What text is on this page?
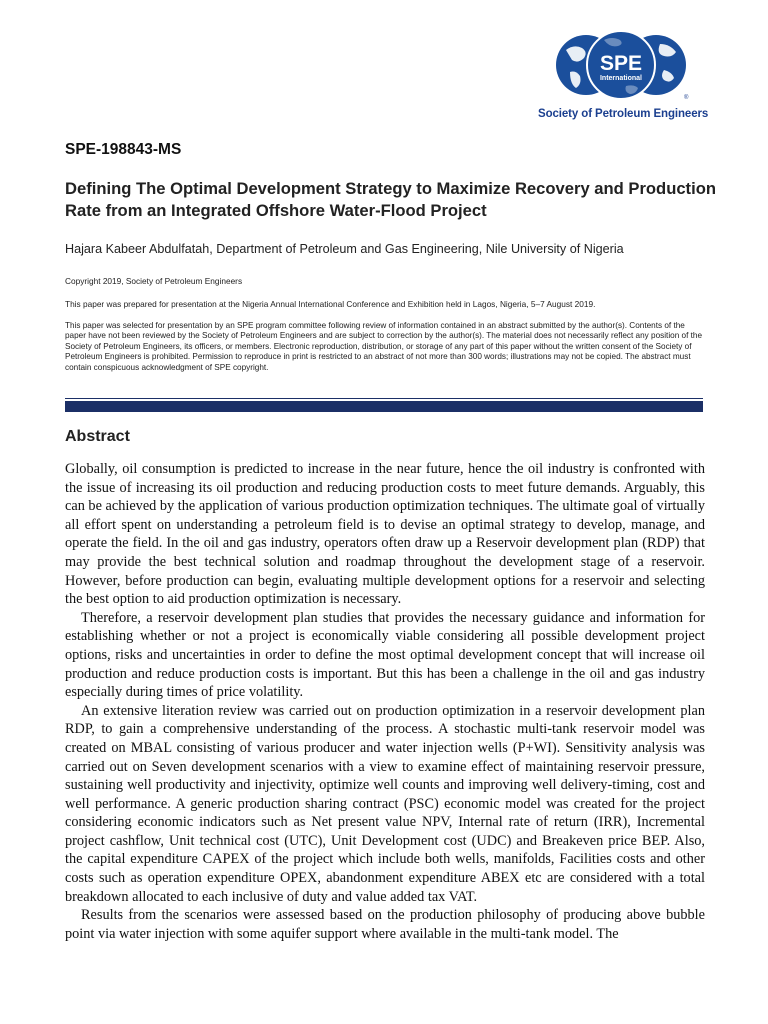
SPE
International
®
Society of Petroleum Engineers
SPE-198843-MS
Defining The Optimal Development Strategy to Maximize Recovery and Production Rate from an Integrated Offshore Water-Flood Project

Hajara Kabeer Abdulfatah, Department of Petroleum and Gas Engineering, Nile University of Nigeria

Copyright 2019, Society of Petroleum Engineers

This paper was prepared for presentation at the Nigeria Annual International Conference and Exhibition held in Lagos, Nigeria, 5–7 August 2019.

This paper was selected for presentation by an SPE program committee following review of information contained in an abstract submitted by the author(s). Contents of the paper have not been reviewed by the Society of Petroleum Engineers and are subject to correction by the author(s). The material does not necessarily reflect any position of the Society of Petroleum Engineers, its officers, or members. Electronic reproduction, distribution, or storage of any part of this paper without the written consent of the Society of Petroleum Engineers is prohibited. Permission to reproduce in print is restricted to an abstract of not more than 300 words; illustrations may not be copied. The abstract must contain conspicuous acknowledgment of SPE copyright.

Abstract

Globally, oil consumption is predicted to increase in the near future, hence the oil industry is confronted with the issue of increasing its oil production and reducing production costs to meet future demands. Arguably, this can be achieved by the application of various production optimization techniques. The ultimate goal of virtually all effort spent on understanding a petroleum field is to devise an optimal strategy to develop, manage, and operate the field. In the oil and gas industry, operators often draw up a Reservoir development plan (RDP) that may provide the best technical solution and roadmap throughout the development stage of a reservoir. However, before production can begin, evaluating multiple development options for a reservoir and selecting the best option to aid production optimization is necessary.

Therefore, a reservoir development plan studies that provides the necessary guidance and information for establishing whether or not a project is economically viable considering all possible development project options, risks and uncertainties in order to define the most optimal development concept that will increase oil production and reduce production costs is important. But this has been a challenge in the oil and gas industry especially during times of price volatility.

An extensive literation review was carried out on production optimization in a reservoir development plan RDP, to gain a comprehensive understanding of the process. A stochastic multi-tank reservoir model was created on MBAL consisting of various producer and water injection wells (P+WI). Sensitivity analysis was carried out on Seven development scenarios with a view to examine effect of maintaining reservoir pressure, sustaining well productivity and injectivity, optimize well counts and improving well delivery-timing, cost and well performance. A generic production sharing contract (PSC) economic model was created for the project considering economic indicators such as Net present value NPV, Internal rate of return (IRR), Incremental project cashflow, Unit technical cost (UTC), Unit Development cost (UDC) and Breakeven price BEP. Also, the capital expenditure CAPEX of the project which include both wells, manifolds, Facilities costs and other costs such as operation expenditure OPEX, abandonment expenditure ABEX etc are considered with a total breakdown allocated to each inclusive of duty and value added tax VAT.

Results from the scenarios were assessed based on the production philosophy of producing above bubble point via water injection with some aquifer support where available in the multi-tank model. The
